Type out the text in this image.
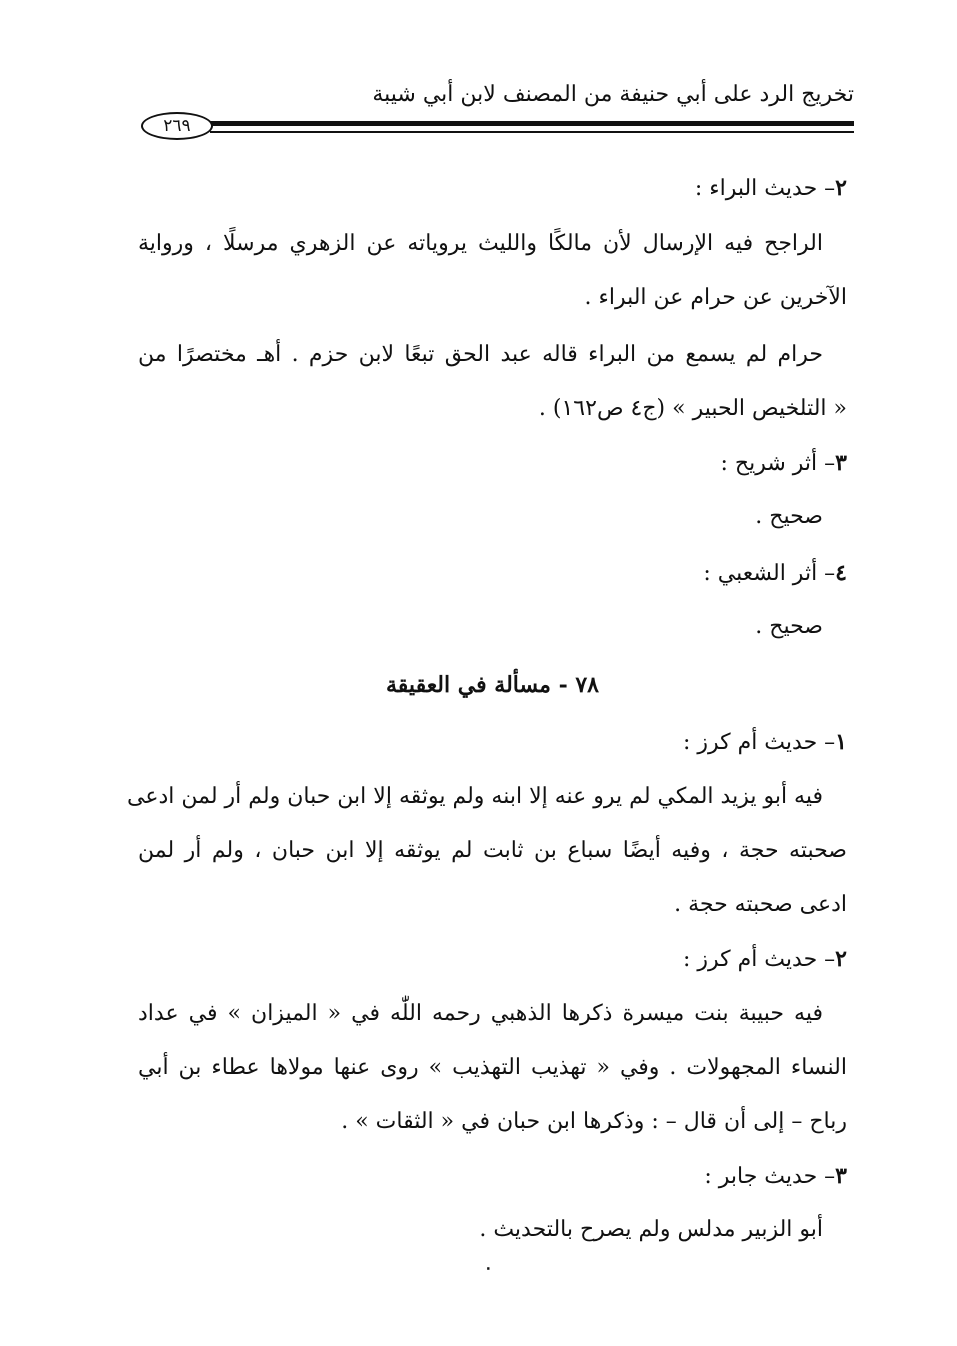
تخريج الرد على أبي حنيفة من المصنف لابن أبي شيبة
٢٦٩
٢– حديث البراء :
الراجح فيه الإرسال لأن مالكًا والليث يروياته عن الزهري مرسلًا ، ورواية
الآخرين عن حرام عن البراء .
حرام لم يسمع من البراء قاله عبد الحق تبعًا لابن حزم . أهـ مختصرًا من
« التلخيص الحبير » (ج٤ ص١٦٢) .
٣– أثر شريح :
صحيح .
٤– أثر الشعبي :
صحيح .
٧٨ - مسألة في العقيقة
١– حديث أم كرز :
فيه أبو يزيد المكي لم يرو عنه إلا ابنه ولم يوثقه إلا ابن حبان ولم أر لمن ادعى
صحبته حجة ، وفيه أيضًا سباع بن ثابت لم يوثقه إلا ابن حبان ، ولم أر لمن
ادعى صحبته حجة .
٢– حديث أم كرز :
فيه حبيبة بنت ميسرة ذكرها الذهبي رحمه اللّٰه في « الميزان » في عداد
النساء المجهولات . وفي « تهذيب التهذيب » روى عنها مولاها عطاء بن أبي
رباح – إلى أن قال – : وذكرها ابن حبان في « الثقات » .
٣– حديث جابر :
أبو الزبير مدلس ولم يصرح بالتحديث .
٠
